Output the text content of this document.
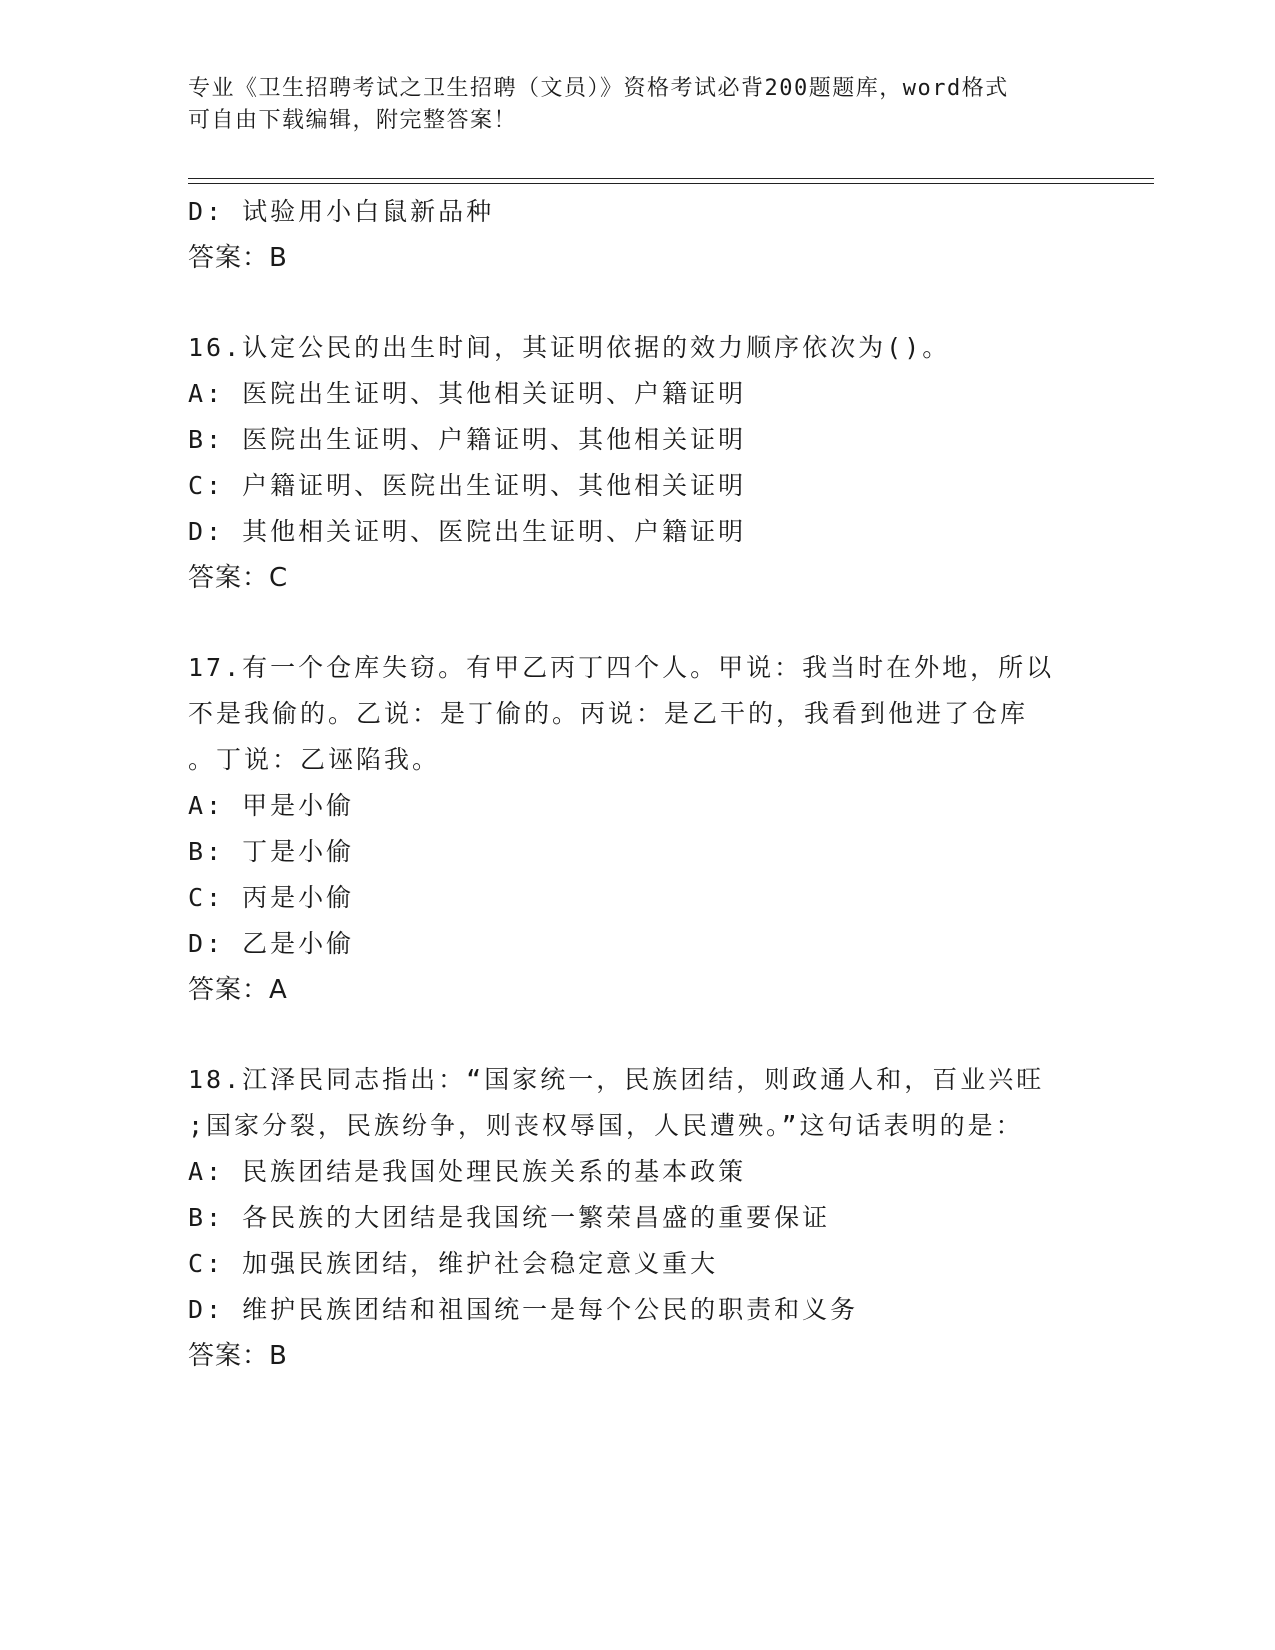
专业《卫生招聘考试之卫生招聘（文员）》资格考试必背200题题库，word格式
可自由下载编辑，附完整答案！
D: 试验用小白鼠新品种
答案：B
16.认定公民的出生时间，其证明依据的效力顺序依次为()。
A: 医院出生证明、其他相关证明、户籍证明
B: 医院出生证明、户籍证明、其他相关证明
C: 户籍证明、医院出生证明、其他相关证明
D: 其他相关证明、医院出生证明、户籍证明
答案：C
17.有一个仓库失窃。有甲乙丙丁四个人。甲说：我当时在外地，所以
不是我偷的。乙说：是丁偷的。丙说：是乙干的，我看到他进了仓库
。丁说：乙诬陷我。
A: 甲是小偷
B: 丁是小偷
C: 丙是小偷
D: 乙是小偷
答案：A
18.江泽民同志指出：“国家统一，民族团结，则政通人和，百业兴旺
;国家分裂，民族纷争，则丧权辱国，人民遭殃。”这句话表明的是：
A: 民族团结是我国处理民族关系的基本政策
B: 各民族的大团结是我国统一繁荣昌盛的重要保证
C: 加强民族团结，维护社会稳定意义重大
D: 维护民族团结和祖国统一是每个公民的职责和义务
答案：B
